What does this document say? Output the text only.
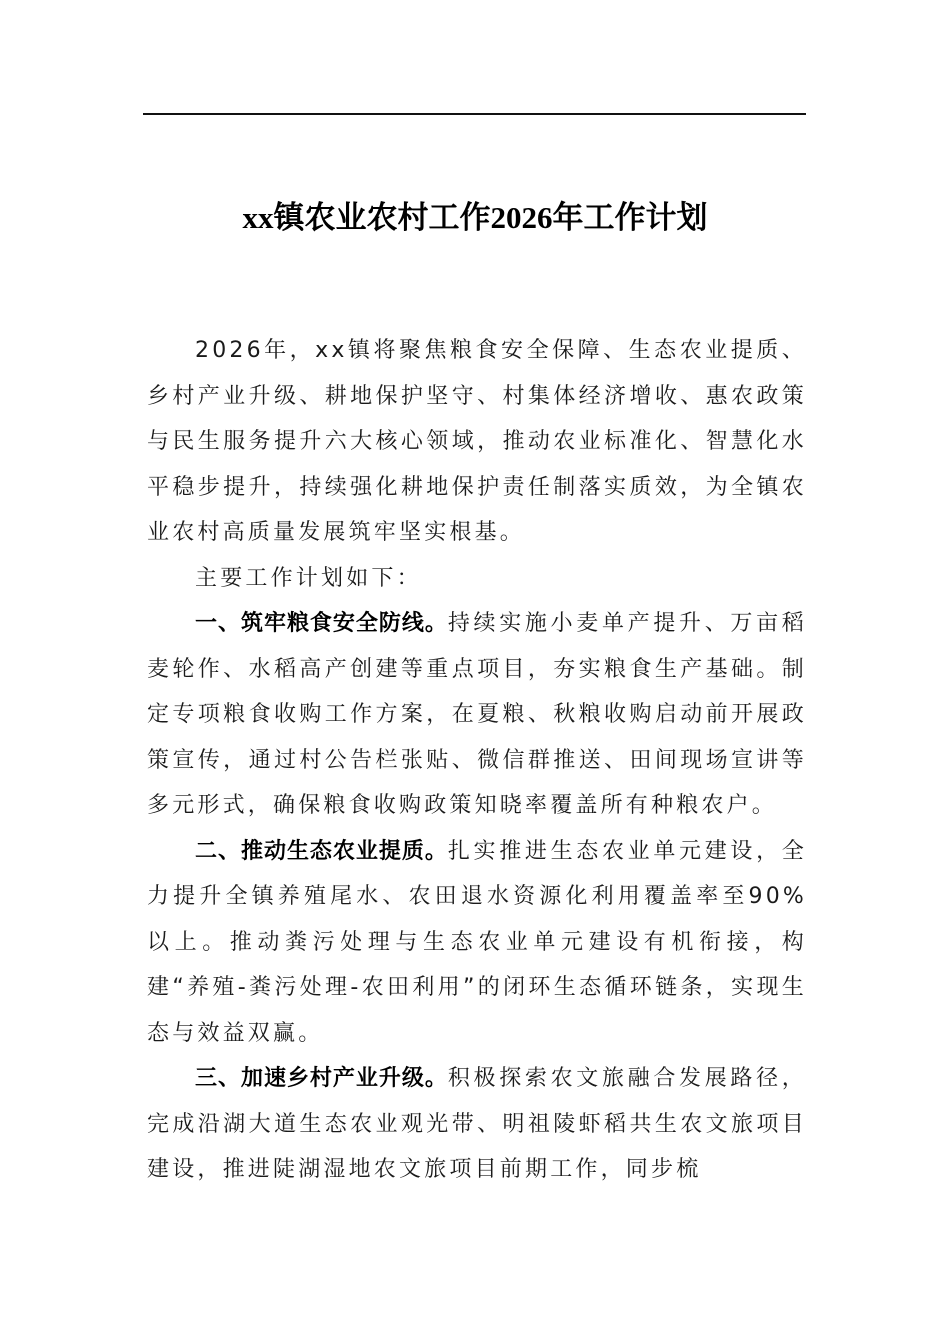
xx镇农业农村工作2026年工作计划

2026年，xx镇将聚焦粮食安全保障、生态农业提质、乡村产业升级、耕地保护坚守、村集体经济增收、惠农政策与民生服务提升六大核心领域，推动农业标准化、智慧化水平稳步提升，持续强化耕地保护责任制落实质效，为全镇农业农村高质量发展筑牢坚实根基。

主要工作计划如下：

一、筑牢粮食安全防线。持续实施小麦单产提升、万亩稻麦轮作、水稻高产创建等重点项目，夯实粮食生产基础。制定专项粮食收购工作方案，在夏粮、秋粮收购启动前开展政策宣传，通过村公告栏张贴、微信群推送、田间现场宣讲等多元形式，确保粮食收购政策知晓率覆盖所有种粮农户。

二、推动生态农业提质。扎实推进生态农业单元建设，全力提升全镇养殖尾水、农田退水资源化利用覆盖率至90%以上。推动粪污处理与生态农业单元建设有机衔接，构建“养殖-粪污处理-农田利用”的闭环生态循环链条，实现生态与效益双赢。

三、加速乡村产业升级。积极探索农文旅融合发展路径，完成沿湖大道生态农业观光带、明祖陵虾稻共生农文旅项目建设，推进陡湖湿地农文旅项目前期工作，同步梳
